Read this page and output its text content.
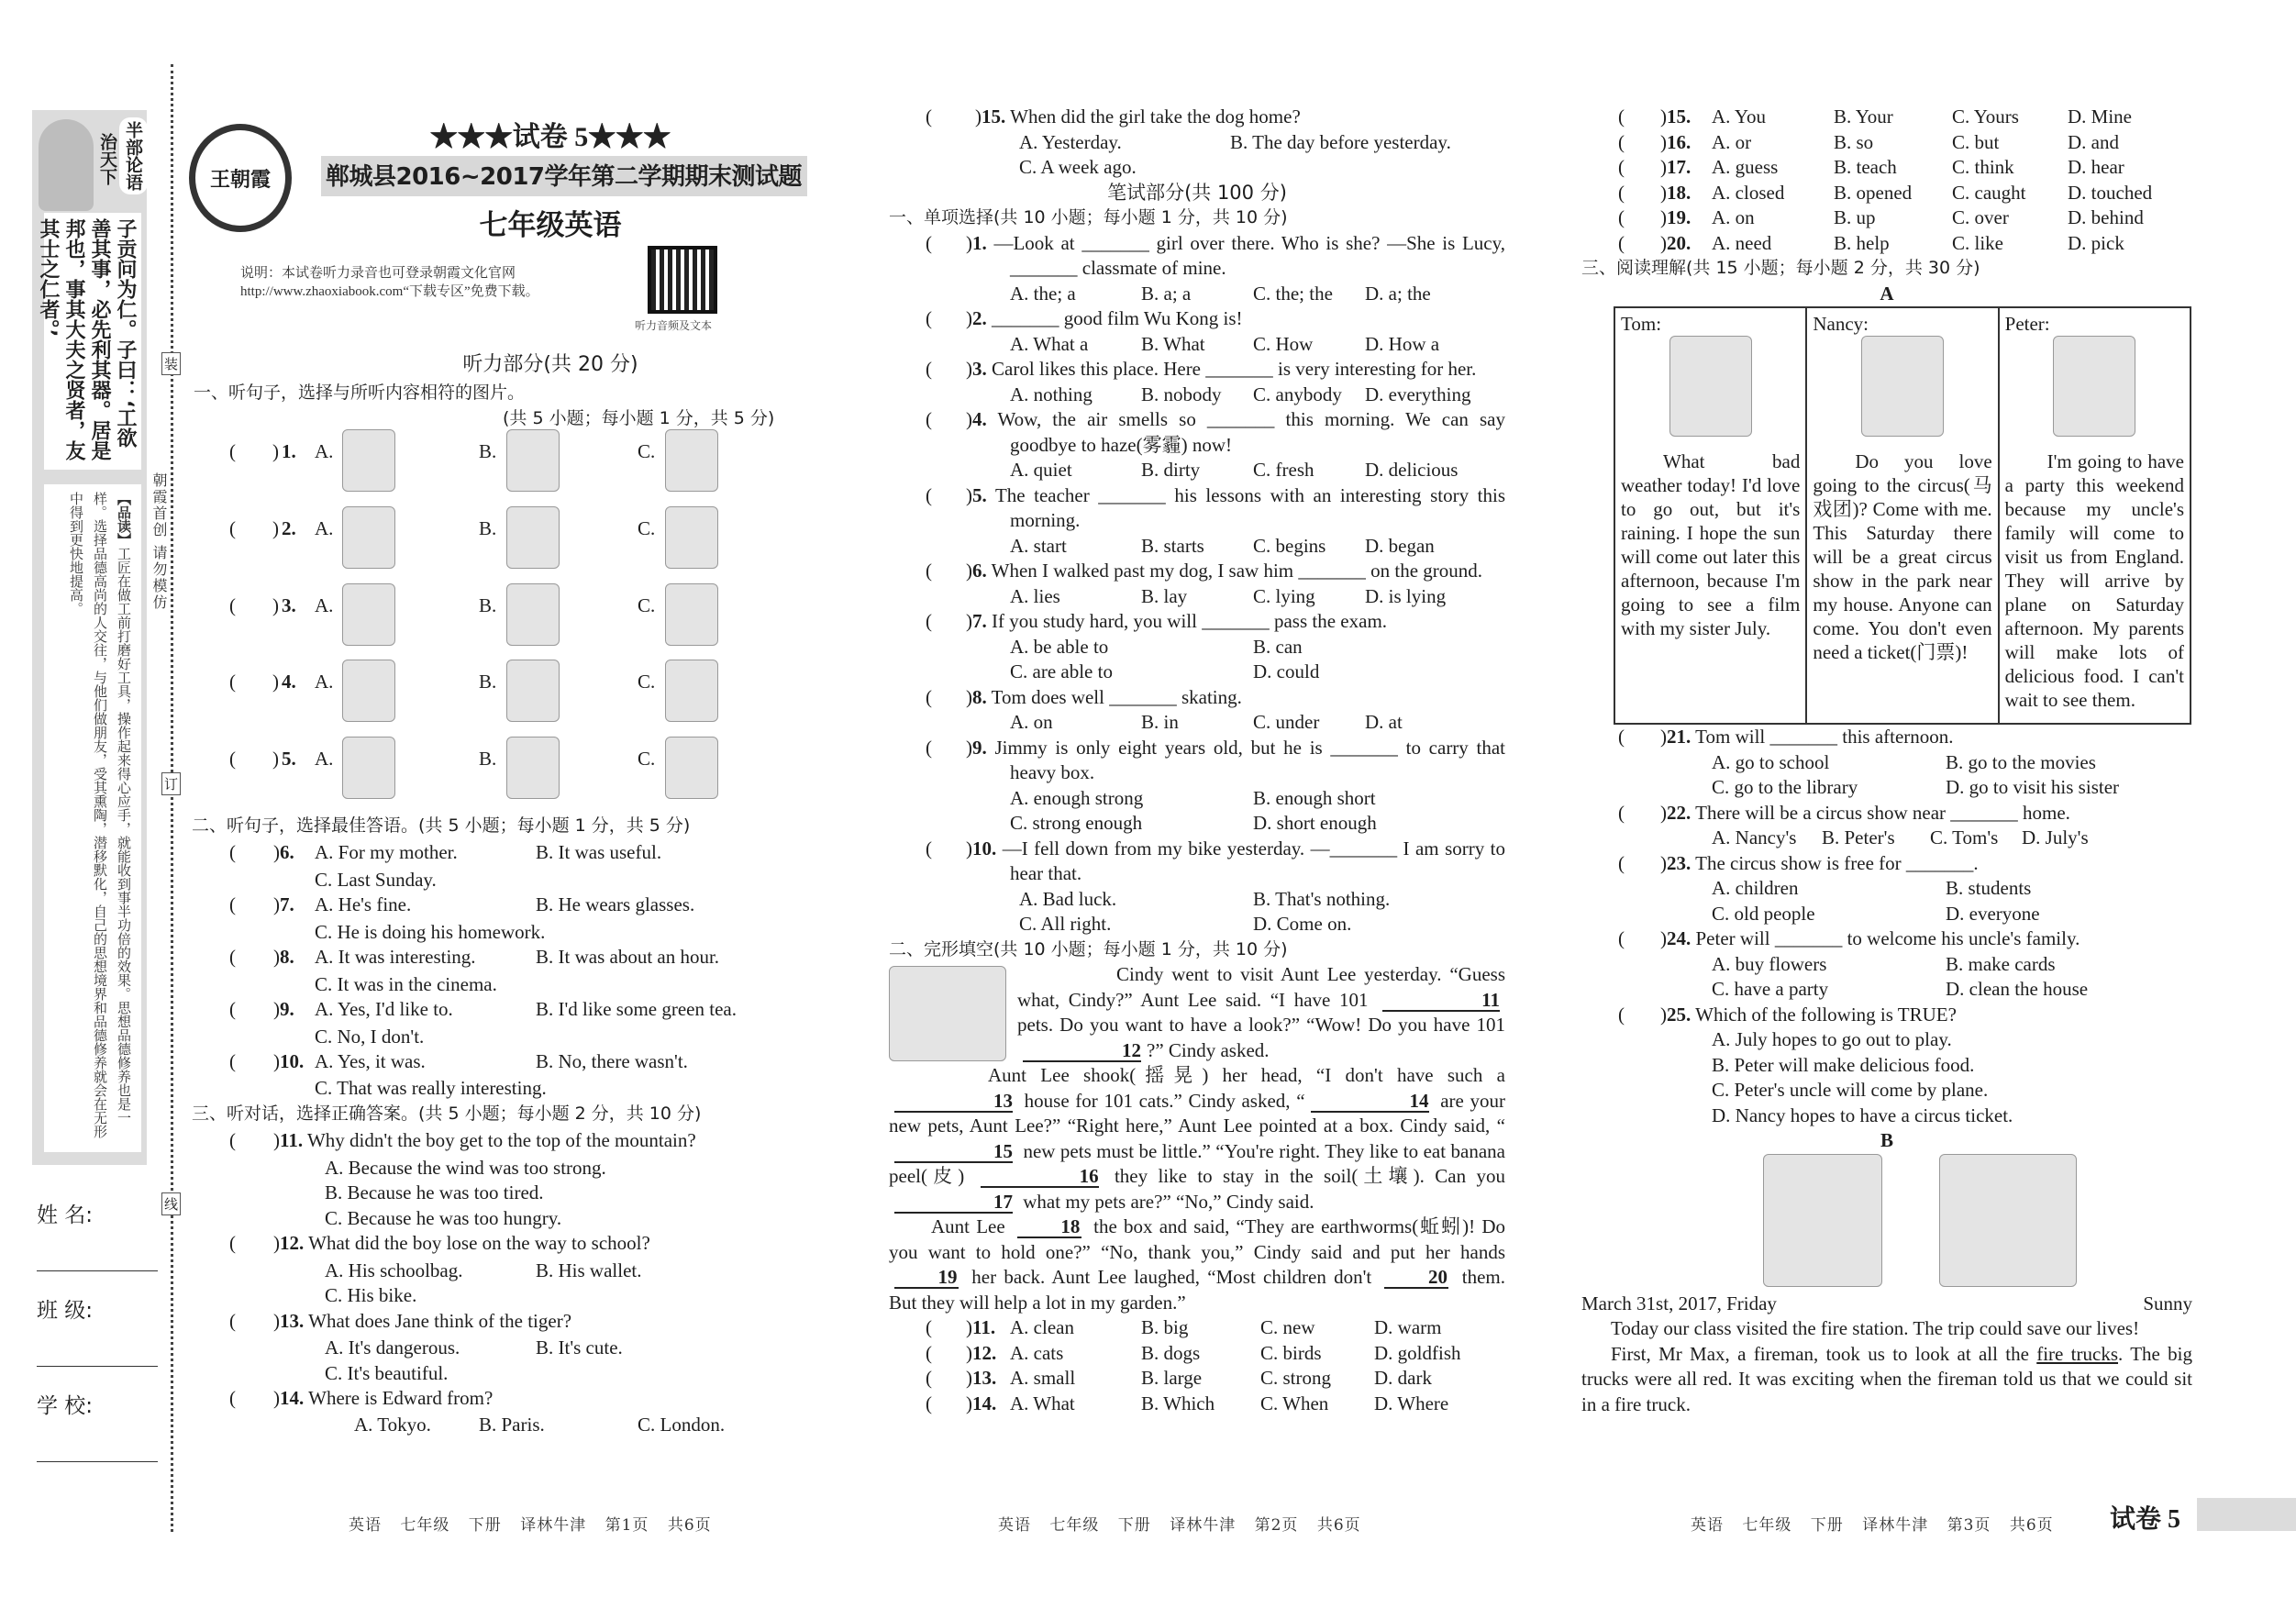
半部论语
治天下
子贡问为仁。子曰：‘工欲善其事，必先利其器。居是邦也，事其大夫之贤者，友其士之仁者。’
【品读】工匠在做工前打磨好工具，操作起来得心应手，就能收到事半功倍的效果。思想品德修养也是一样。选择品德高尚的人交往，与他们做朋友，受其熏陶，潜移默化，自己的思想境界和品德修养就会在无形中得到更快地提高。
姓 名:
班 级:
学 校:
装
订
线
朝霞首创 请勿模仿
王朝霞
★★★试卷 5★★★
郸城县2016~2017学年第二学期期末测试题
七年级英语
说明：本试卷听力录音也可登录朝霞文化官网http://www.zhaoxiabook.com“下载专区”免费下载。
听力音频及文本
听力部分(共 20 分)
一、听句子，选择与所听内容相符的图片。
(共 5 小题；每小题 1 分，共 5 分)
( ) 1. A.	B.	C.
( ) 2. A.	B.	C.
( ) 3. A.	B.	C.
( ) 4. A.	B.	C.
( ) 5. A.	B.	C.
二、听句子，选择最佳答语。(共 5 小题；每小题 1 分，共 5 分)
( )6. A. For my mother.	B. It was useful.
C. Last Sunday.
( )7. A. He's fine.	B. He wears glasses.
C. He is doing his homework.
( )8. A. It was interesting.	B. It was about an hour.
C. It was in the cinema.
( )9. A. Yes, I'd like to.	B. I'd like some green tea.
C. No, I don't.
( )10. A. Yes, it was.	B. No, there wasn't.
C. That was really interesting.
三、听对话，选择正确答案。(共 5 小题；每小题 2 分，共 10 分)
( )11. Why didn't the boy get to the top of the mountain?
A. Because the wind was too strong.
B. Because he was too tired.
C. Because he was too hungry.
( )12. What did the boy lose on the way to school?
A. His schoolbag.	B. His wallet.
C. His bike.
( )13. What does Jane think of the tiger?
A. It's dangerous.	B. It's cute.
C. It's beautiful.
( )14. Where is Edward from?
A. Tokyo. B. Paris.	C. London.
( )15. When did the girl take the dog home?
A. Yesterday.	B. The day before yesterday.
C. A week ago.
笔试部分(共 100 分)
一、单项选择(共 10 小题；每小题 1 分，共 10 分)
( )1. —Look at _______ girl over there. Who is she? —She is Lucy, _______ classmate of mine.
A. the; a	B. a; a	C. the; the D. a; the
( )2. _______ good film Wu Kong is!
A. What a	B. What C. How	D. How a
( )3. Carol likes this place. Here _______ is very interesting for her.
A. nothing	B. nobody C. anybody D. everything
( )4. Wow, the air smells so _______ this morning. We can say goodbye to haze(雾霾) now!
A. quiet	B. dirty	C. fresh	D. delicious
( )5. The teacher _______ his lessons with an interesting story this morning.
A. start	B. starts	C. begins D. began
( )6. When I walked past my dog, I saw him _______ on the ground.
A. lies	B. lay	C. lying	D. is lying
( )7. If you study hard, you will _______ pass the exam.
A. be able to	B. can
C. are able to	D. could
( )8. Tom does well _______ skating.
A. on	B. in	C. under D. at
( )9. Jimmy is only eight years old, but he is _______ to carry that heavy box.
A. enough strong	B. enough short
C. strong enough	D. short enough
( )10. —I fell down from my bike yesterday. —_______ I am sorry to hear that.
A. Bad luck.	B. That's nothing.
C. All right.	D. Come on.
二、完形填空(共 10 小题；每小题 1 分，共 10 分)

Cindy went to visit Aunt Lee yesterday. “Guess what, Cindy?” Aunt Lee said. “I have 101	11 pets. Do you want to have a look?” “Wow! Do you have 101 12 ?” Cindy asked.

Aunt Lee shook(摇晃) her head, “I don't have such a 13 house for 101 cats.” Cindy asked, “	14 are your new pets, Aunt Lee?” “Right here,” Aunt Lee pointed at a box. Cindy said, “15 new pets must be little.” “You're right. They like to eat banana peel(皮)	16 they like to stay in the soil(土壤). Can you 17 what my pets are?” “No,” Cindy said.

Aunt Lee	18 the box and said, “They are earthworms(蚯蚓)! Do you want to hold one?” “No, thank you,” Cindy said and put her hands 19 her back. Aunt Lee laughed, “Most children don't	20 them. But they will help a lot in my garden.”

( )11. A. clean	B. big	C. new	D. warm
( )12. A. cats	B. dogs	C. birds	D. goldfish
( )13. A. small	B. large	C. strong D. dark
( )14. A. What	B. Which C. When D. Where
( )15. A. You	B. Your	C. Yours	D. Mine
( )16. A. or	B. so	C. but	D. and
( )17. A. guess	B. teach	C. think	D. hear
( )18. A. closed	B. opened C. caught D. touched
( )19. A. on	B. up	C. over	D. behind
( )20. A. need	B. help	C. like	D. pick
三、阅读理解(共 15 小题；每小题 2 分，共 30 分)
A
Tom:
What bad weather today! I'd love to go out, but it's raining. I hope the sun will come out later this afternoon, because I'm going to see a film with my sister July.

Nancy:
Do you love going to the circus(马戏团)? Come with me. This Saturday there will be a great circus show in the park near my house. Anyone can come. You don't even need a ticket(门票)!

Peter:
I'm going to have a party this weekend because my uncle's family will come to visit us from England. They will arrive by plane on Saturday afternoon. My parents will make lots of delicious food. I can't wait to see them.
( )21. Tom will _______ this afternoon.
A. go to school	B. go to the movies
C. go to the library	D. go to visit his sister
( )22. There will be a circus show near _______ home.
A. Nancy's B. Peter's C. Tom's D. July's
( )23. The circus show is free for _______.
A. children	B. students
C. old people	D. everyone
( )24. Peter will _______ to welcome his uncle's family.
A. buy flowers	B. make cards
C. have a party	D. clean the house
( )25. Which of the following is TRUE?
A. July hopes to go out to play.
B. Peter will make delicious food.
C. Peter's uncle will come by plane.
D. Nancy hopes to have a circus ticket.
B
March 31st, 2017, Friday	Sunny

Today our class visited the fire station. The trip could save our lives!

First, Mr Max, a fireman, took us to look at all the fire trucks. The big trucks were all red. It was exciting when the fireman told us that we could sit in a fire truck.

英语 七年级 下册 译林牛津 第1页 共6页	英语 七年级 下册 译林牛津 第2页 共6页	英语 七年级 下册 译林牛津 第3页 共6页 试卷 5
